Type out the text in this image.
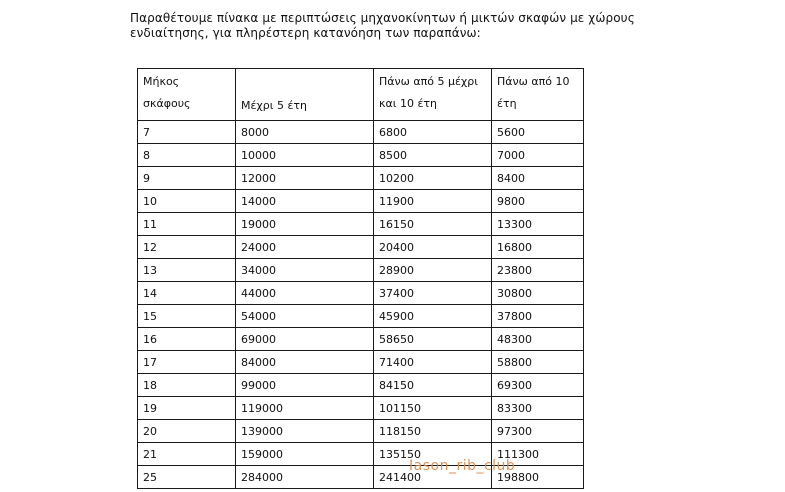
Παραθέτουμε πίνακα με περιπτώσεις μηχανοκίνητων ή μικτών σκαφών με χώρους
ενδιαίτησης, για πληρέστερη κατανόηση των παραπάνω:
Μήκος
σκάφους	Μέχρι 5 έτη	Πάνω από 5 μέχρι
και 10 έτη	Πάνω από 10
έτη

7	8000	6800	5600
8	10000	8500	7000
9	12000	10200	8400
10	14000	11900	9800
11	19000	16150	13300
12	24000	20400	16800
13	34000	28900	23800
14	44000	37400	30800
15	54000	45900	37800
16	69000	58650	48300
17	84000	71400	58800
18	99000	84150	69300
19	119000	101150	83300
20	139000	118150	97300
21	159000	135150	111300
25	284000	241400	198800
Iason_rib_club
